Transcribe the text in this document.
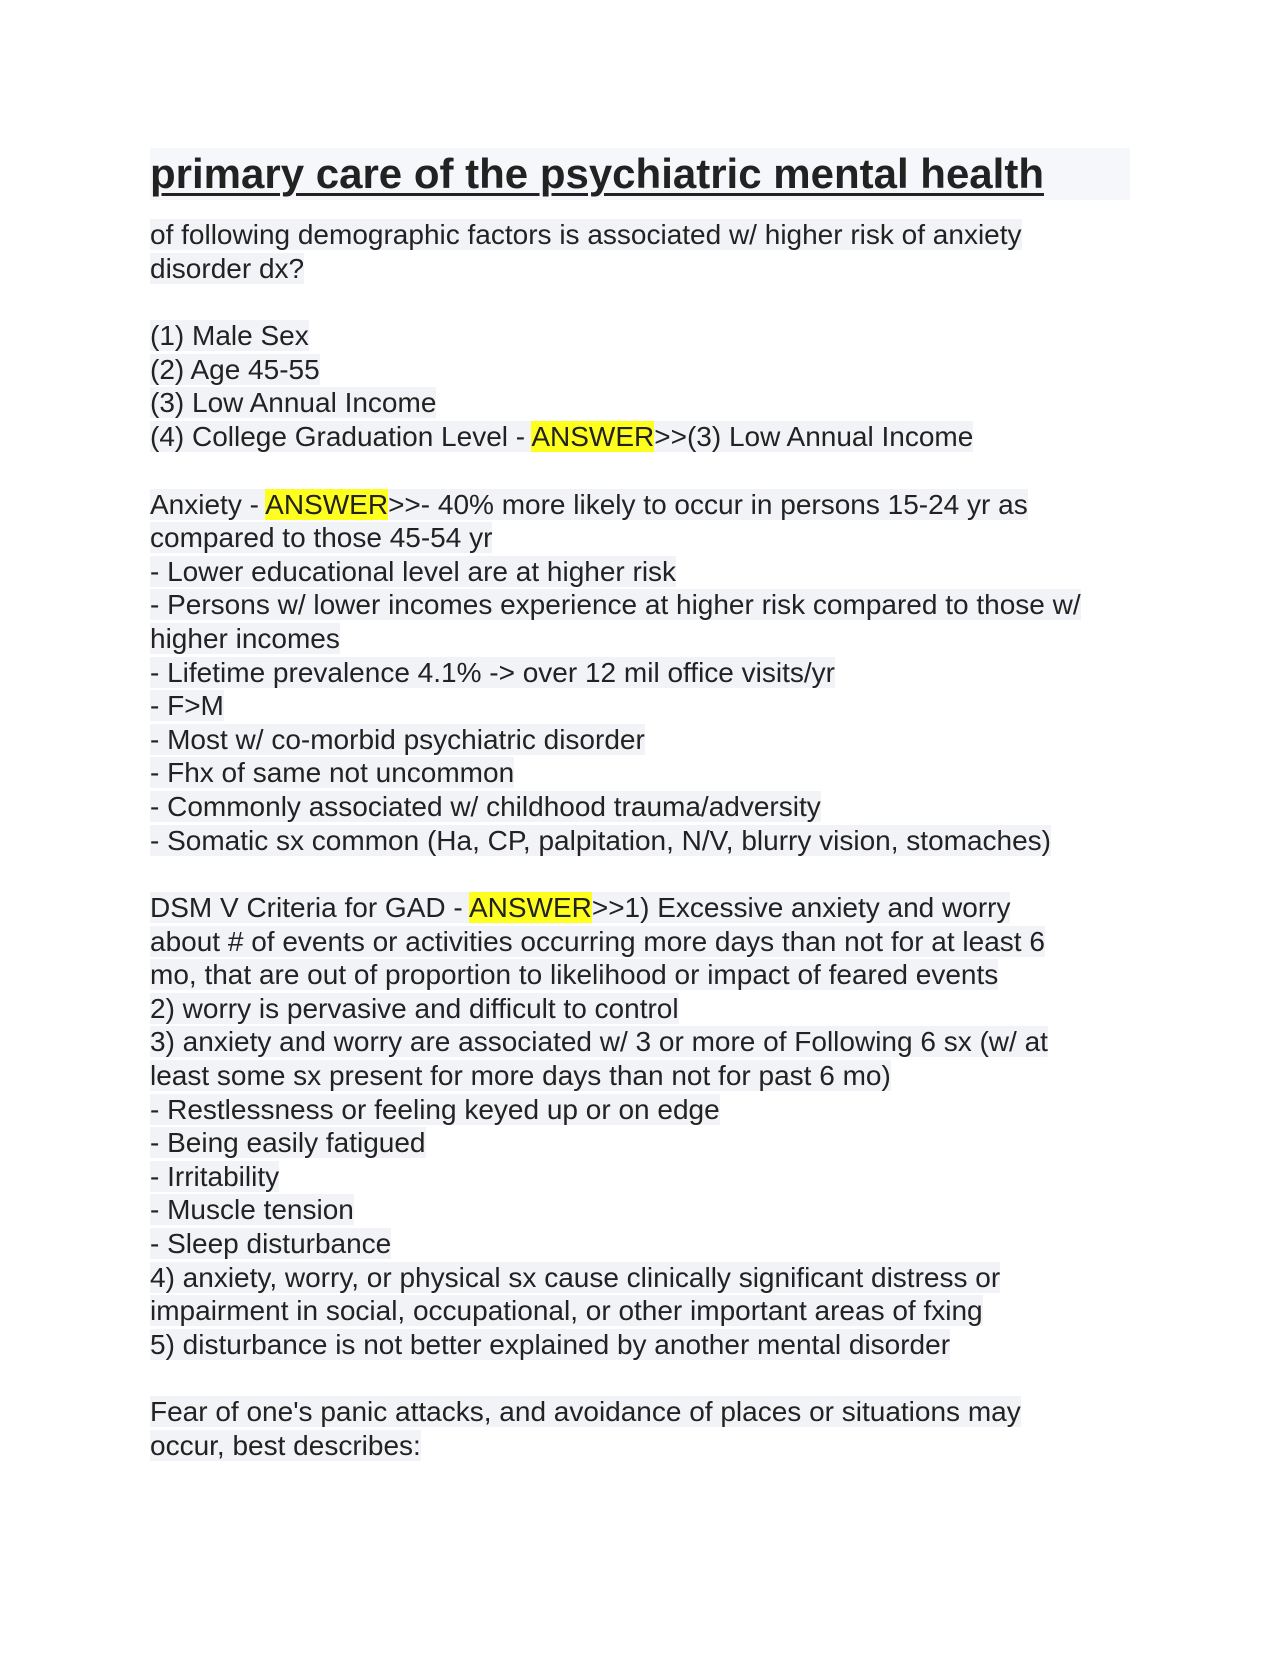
primary care of the psychiatric mental health
of following demographic factors is associated w/ higher risk of anxiety
disorder dx?
(1) Male Sex
(2) Age 45-55
(3) Low Annual Income
(4) College Graduation Level - ANSWER>>(3) Low Annual Income
Anxiety - ANSWER>>- 40% more likely to occur in persons 15-24 yr as
compared to those 45-54 yr
- Lower educational level are at higher risk
- Persons w/ lower incomes experience at higher risk compared to those w/
higher incomes
- Lifetime prevalence 4.1% -> over 12 mil office visits/yr
- F>M
- Most w/ co-morbid psychiatric disorder
- Fhx of same not uncommon
- Commonly associated w/ childhood trauma/adversity
- Somatic sx common (Ha, CP, palpitation, N/V, blurry vision, stomaches)
DSM V Criteria for GAD - ANSWER>>1) Excessive anxiety and worry
about # of events or activities occurring more days than not for at least 6
mo, that are out of proportion to likelihood or impact of feared events
2) worry is pervasive and difficult to control
3) anxiety and worry are associated w/ 3 or more of Following 6 sx (w/ at
least some sx present for more days than not for past 6 mo)
- Restlessness or feeling keyed up or on edge
- Being easily fatigued
- Irritability
- Muscle tension
- Sleep disturbance
4) anxiety, worry, or physical sx cause clinically significant distress or
impairment in social, occupational, or other important areas of fxing
5) disturbance is not better explained by another mental disorder
Fear of one's panic attacks, and avoidance of places or situations may
occur, best describes:
